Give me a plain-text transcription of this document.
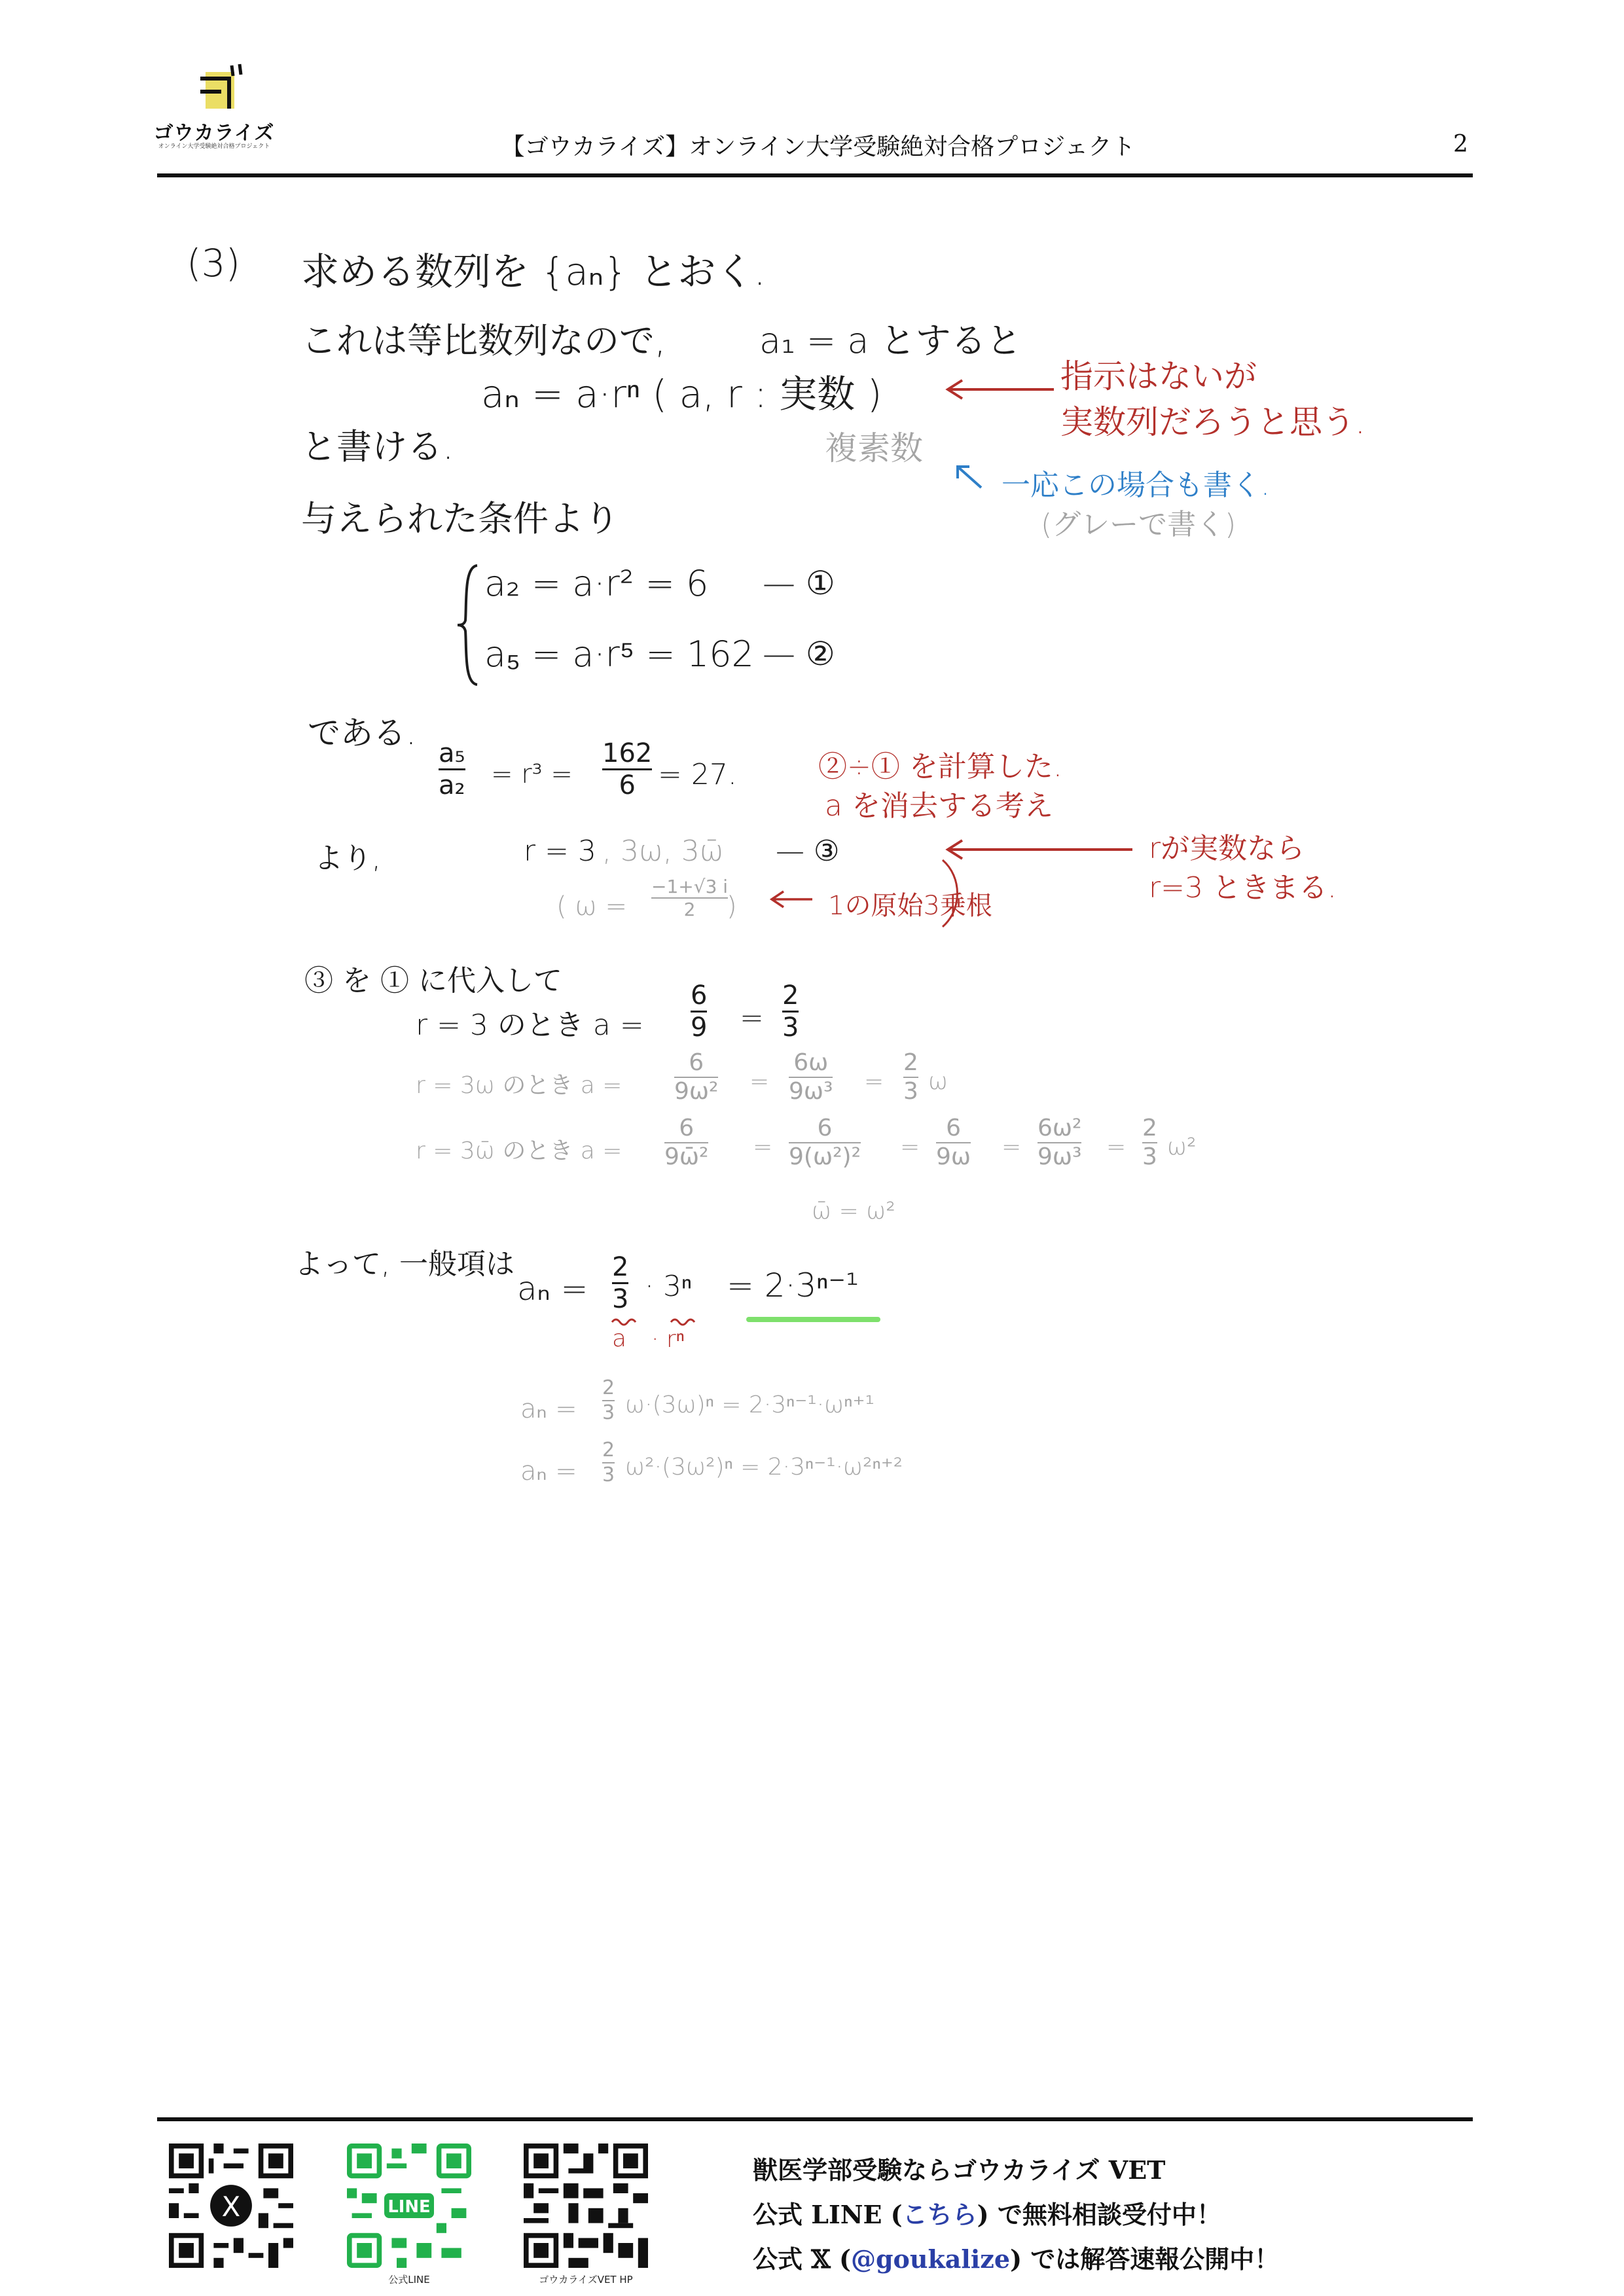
ゴウカライズ
オンライン大学受験絶対合格プロジェクト	【ゴウカライズ】オンライン大学受験絶対合格プロジェクト	2
(3) 求める数列を {aₙ} とおく.
これは等比数列なので,	a₁ = a とすると
aₙ = a·rⁿ ( a, r : 実数 )
複素数
と書ける.
与えられた条件より
a₂ = a·r² = 6 — ①
a₅ = a·r⁵ = 162 — ②
である.
a₅
a₂ = r³ =
162
6 = 27.
より,	r = 3 , 3ω, 3ω̄ — ③
( ω =
−1+√3 i
2 )
③ を ① に代入して
r = 3 のとき a =
6
9 =
2
3
r = 3ω のとき a =
6
9ω² =
6ω
9ω³ =
2
3 ω
r = 3ω̄ のとき a =
6
9ω̄² =
6
9(ω²)² =
6
9ω =
6ω²
9ω³ =
2
3 ω²
ω̄ = ω²
よって, 一般項は
aₙ =
2
3 · 3ⁿ = 2·3ⁿ⁻¹
a · rⁿ
aₙ =
2
3 ω·(3ω)ⁿ = 2·3ⁿ⁻¹·ωⁿ⁺¹
aₙ =
2
3 ω²·(3ω²)ⁿ = 2·3ⁿ⁻¹·ω²ⁿ⁺²
指示はないが
実数列だろうと思う.
一応この場合も書く.
(グレーで書く)
②÷① を計算した.
a を消去する考え
1の原始3乗根
rが実数なら
r=3 ときまる.
X	LINE
公式LINE	ゴウカライズVET HP
獣医学部受験ならゴウカライズ VET
公式 LINE (こちら) で無料相談受付中！
公式 𝕏 (@goukalize) では解答速報公開中！
